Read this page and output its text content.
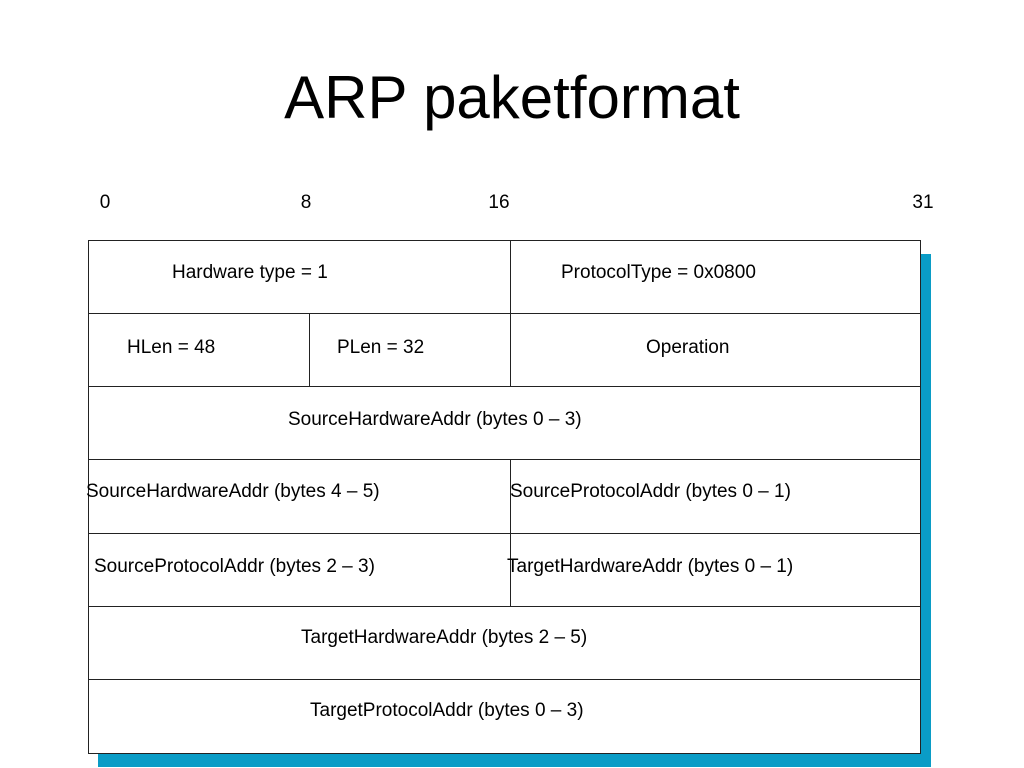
ARP paketformat
0	8	16	31
Hardware type = 1	ProtocolType = 0x0800
HLen = 48	PLen = 32	Operation
SourceHardwareAddr (bytes 0 – 3)
SourceHardwareAddr (bytes 4 – 5)	SourceProtocolAddr (bytes 0 – 1)
SourceProtocolAddr (bytes 2 – 3)	TargetHardwareAddr (bytes 0 – 1)
TargetHardwareAddr (bytes 2 – 5)
TargetProtocolAddr (bytes 0 – 3)
